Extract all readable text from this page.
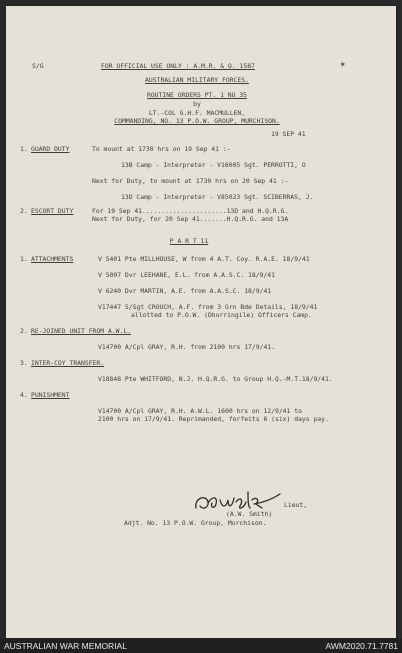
S/G	FOR OFFICIAL USE ONLY : A.M.R. & O. 1587	✶
AUSTRALIAN MILITARY FORCES.
ROUTINE ORDERS PT. 1 NO 35
by
LT.-COL G.H.F. MACMULLEN,
COMMANDING, NO. 13 P.O.W. GROUP, MURCHISON.
19 SEP 41
1. GUARD DUTY	To mount at 1730 hrs on 19 Sep 41 :-
13B Camp - Interpreter - V16005 Sgt. PERROTTI, O
Next for Duty, to mount at 1730 hrs on 20 Sep 41 :-
13D Camp - Interpreter - V85023 Sgt. SCIBERRAS, J.
2. ESCORT DUTY	For 19 Sep 41......................13D and H.Q.R.G.
Next for Duty, for 20 Sep 41.......H.Q.R.G. and 13A
P A R T 11
1. ATTACHMENTS	V 5401 Pte MILLHOUSE, W from 4 A.T. Coy. R.A.E. 18/9/41
V 5007 Dvr LEEHANE, E.L. from A.A.S.C. 18/9/41
V 6240 Dvr MARTIN, A.E. from A.A.S.C. 18/9/41
V17447 S/Sgt CROUCH, A.F. from 3 Grn Bde Details, 18/9/41
allotted to P.O.W. (Dhurringile) Officers Camp.
2. RE-JOINED UNIT FROM A.W.L.
V14700 A/Cpl GRAY, R.H. from 2100 hrs 17/9/41.
3. INTER-COY TRANSFER.
V18848 Pte WHITFORD, N.J. H.Q.R.G. to Group H.Q.-M.T.18/9/41.
4. PUNISHMENT
V14700 A/Cpl GRAY, R.H. A.W.L. 1600 hrs on 12/9/41 to
2100 hrs on 17/9/41. Reprimanded, forfeits 6 (six) days pay.
Lieut,
(A.W. Smith)
Adjt. No. 13 P.O.W. Group, Murchison.
AUSTRALIAN WAR MEMORIAL	AWM2020.71.7781
